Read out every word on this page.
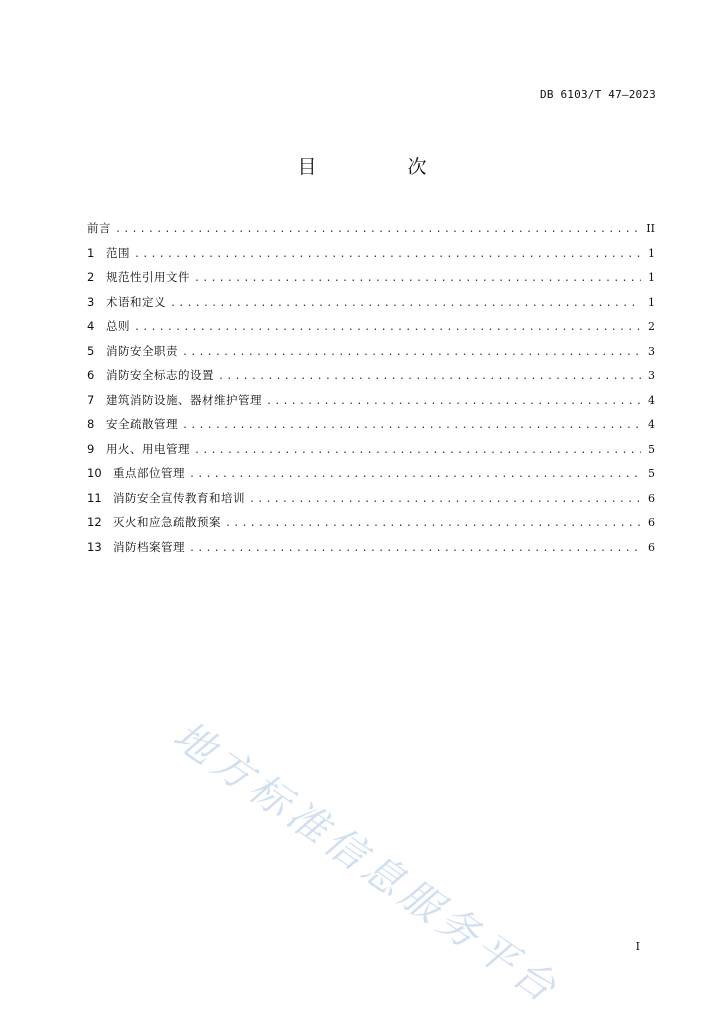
DB 6103/T 47—2023
目　次
前言 .....	II
1	范围 .....	1
2	规范性引用文件 .....	1
3	术语和定义 .....	1
4	总则 .....	2
5	消防安全职责 .....	3
6	消防安全标志的设置 .....	3
7	建筑消防设施、器材维护管理 .....	4
8	安全疏散管理 .....	4
9	用火、用电管理 .....	5
10 重点部位管理 .....	5
11 消防安全宣传教育和培训 .....	6
12 灭火和应急疏散预案 .....	6
13 消防档案管理 .....	6
地方标准信息服务平台	I
